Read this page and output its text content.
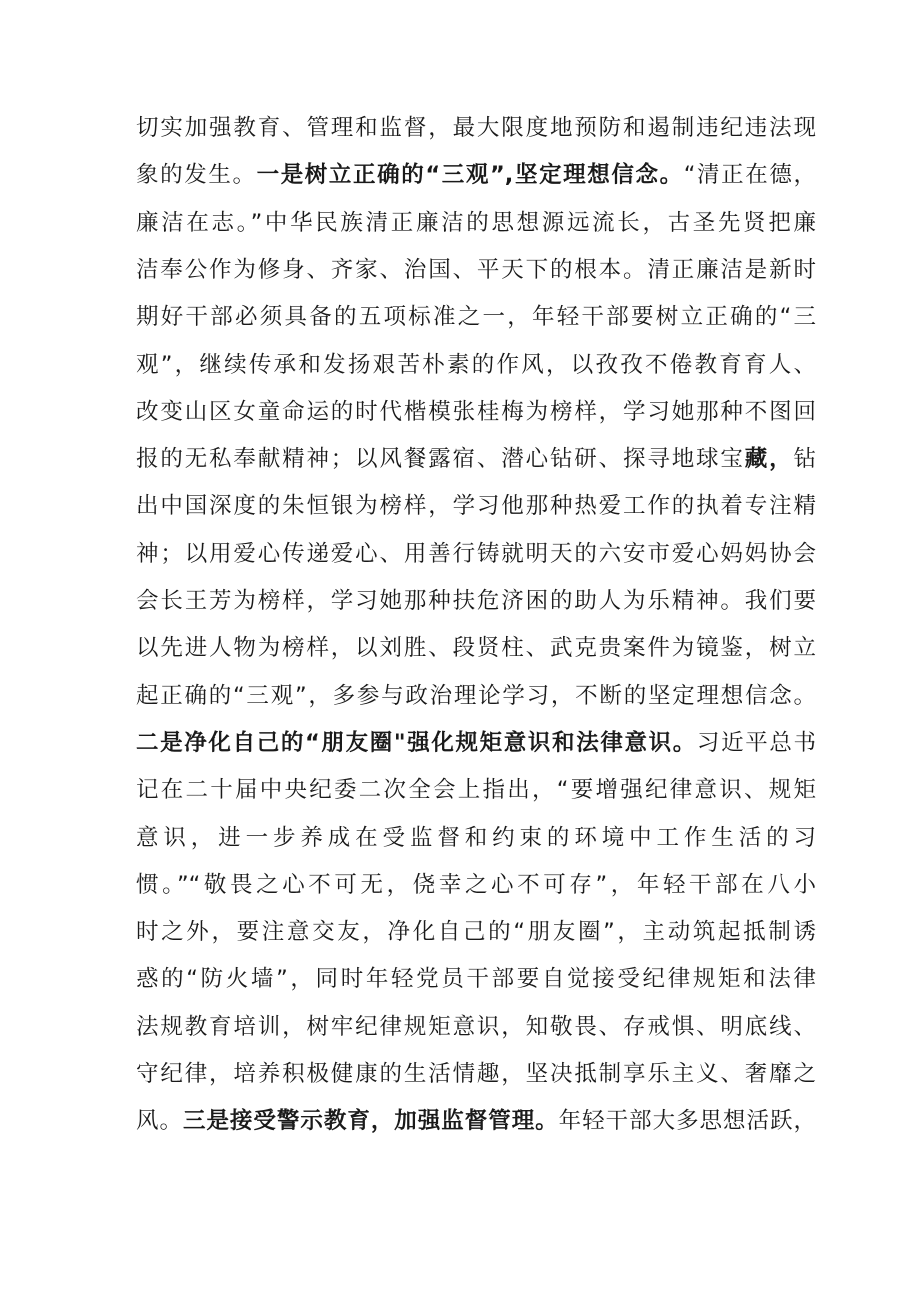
切实加强教育、管理和监督，最大限度地预防和遏制违纪违法现
象的发生。一是树立正确的“三观”,坚定理想信念。“清正在德，
廉洁在志。”中华民族清正廉洁的思想源远流长，古圣先贤把廉
洁奉公作为修身、齐家、治国、平天下的根本。清正廉洁是新时
期好干部必须具备的五项标准之一，年轻干部要树立正确的“三
观”，继续传承和发扬艰苦朴素的作风，以孜孜不倦教育育人、
改变山区女童命运的时代楷模张桂梅为榜样，学习她那种不图回
报的无私奉献精神；以风餐露宿、潜心钻研、探寻地球宝藏，钻
出中国深度的朱恒银为榜样，学习他那种热爱工作的执着专注精
神；以用爱心传递爱心、用善行铸就明天的六安市爱心妈妈协会
会长王芳为榜样，学习她那种扶危济困的助人为乐精神。我们要
以先进人物为榜样，以刘胜、段贤柱、武克贵案件为镜鉴，树立
起正确的“三观”，多参与政治理论学习，不断的坚定理想信念。
二是净化自己的“朋友圈"强化规矩意识和法律意识。习近平总书
记在二十届中央纪委二次全会上指出，“要增强纪律意识、规矩
意识，进一步养成在受监督和约束的环境中工作生活的习
惯。”“敬畏之心不可无，侥幸之心不可存”，年轻干部在八小
时之外，要注意交友，净化自己的“朋友圈”，主动筑起抵制诱
惑的“防火墙”，同时年轻党员干部要自觉接受纪律规矩和法律
法规教育培训，树牢纪律规矩意识，知敬畏、存戒惧、明底线、
守纪律，培养积极健康的生活情趣，坚决抵制享乐主义、奢靡之
风。三是接受警示教育，加强监督管理。年轻干部大多思想活跃，
